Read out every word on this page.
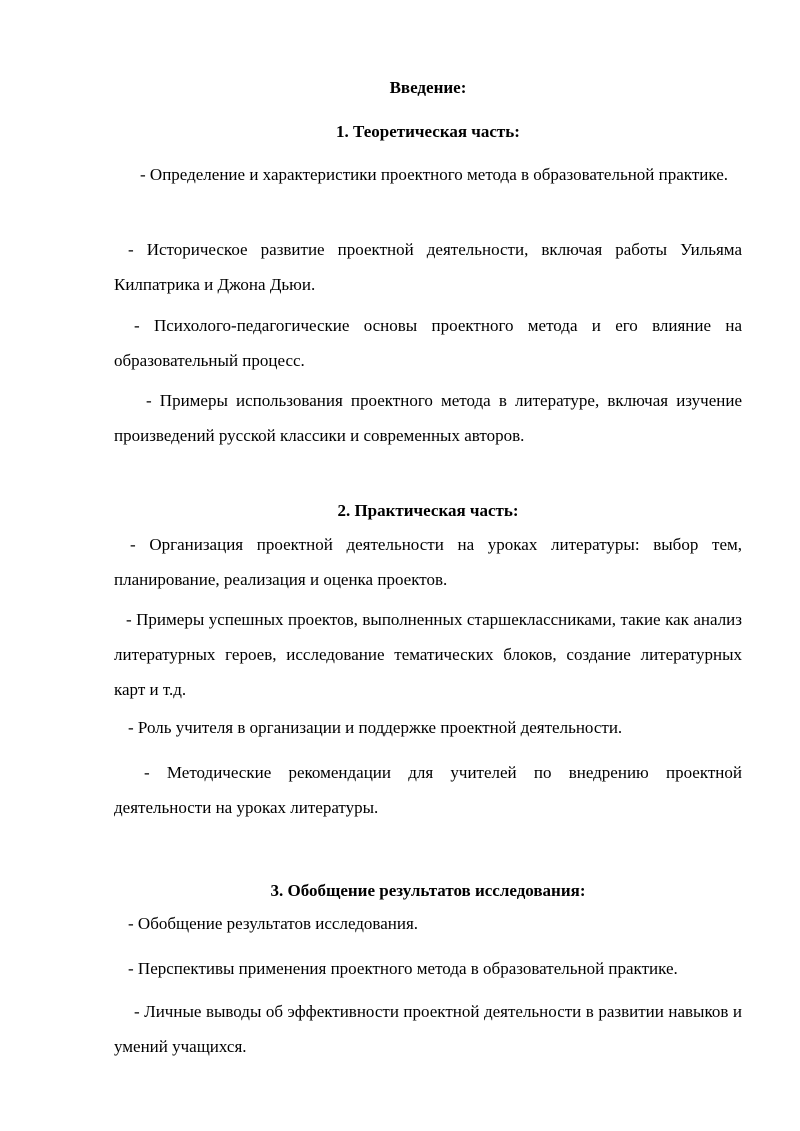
Введение:
1. Теоретическая часть:
- Определение и характеристики проектного метода в образовательной практике.
- Историческое развитие проектной деятельности, включая работы Уильяма Килпатрика и Джона Дьюи.
- Психолого-педагогические основы проектного метода и его влияние на образовательный процесс.
- Примеры использования проектного метода в литературе, включая изучение произведений русской классики и современных авторов.
2. Практическая часть:
- Организация проектной деятельности на уроках литературы: выбор тем, планирование, реализация и оценка проектов.
- Примеры успешных проектов, выполненных старшеклассниками, такие как анализ литературных героев, исследование тематических блоков, создание литературных карт и т.д.
- Роль учителя в организации и поддержке проектной деятельности.
- Методические рекомендации для учителей по внедрению проектной деятельности на уроках литературы.
3. Обобщение результатов исследования:
- Обобщение результатов исследования.
- Перспективы применения проектного метода в образовательной практике.
- Личные выводы об эффективности проектной деятельности в развитии навыков и умений учащихся.
